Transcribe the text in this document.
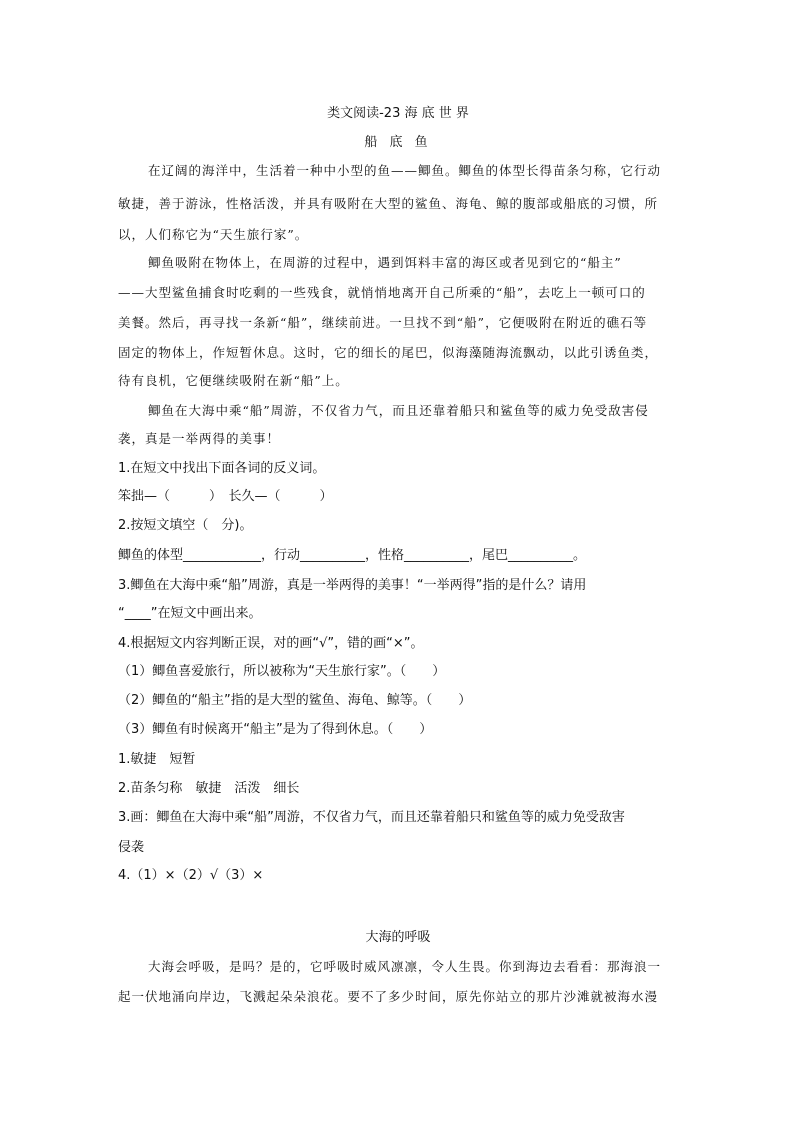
类文阅读-23 海 底 世 界
船 底 鱼
在辽阔的海洋中，生活着一种中小型的鱼——鲫鱼。鲫鱼的体型长得苗条匀称，它行动
敏捷，善于游泳，性格活泼，并具有吸附在大型的鲨鱼、海龟、鲸的腹部或船底的习惯，所
以，人们称它为“天生旅行家”。
鲫鱼吸附在物体上，在周游的过程中，遇到饵料丰富的海区或者见到它的“船主”
——大型鲨鱼捕食时吃剩的一些残食，就悄悄地离开自己所乘的“船”，去吃上一顿可口的
美餐。然后，再寻找一条新“船”，继续前进。一旦找不到“船”，它便吸附在附近的礁石等
固定的物体上，作短暂休息。这时，它的细长的尾巴，似海藻随海流飘动，以此引诱鱼类，
待有良机，它便继续吸附在新“船”上。
鲫鱼在大海中乘“船”周游，不仅省力气，而且还靠着船只和鲨鱼等的威力免受敌害侵
袭，真是一举两得的美事！
1.在短文中找出下面各词的反义词。
笨拙—（　　　）　长久—（　　　）
2.按短文填空（　分)。
鲫鱼的体型____________，行动__________，性格__________，尾巴__________。
3.鲫鱼在大海中乘“船”周游，真是一举两得的美事！“一举两得”指的是什么？请用
“____”在短文中画出来。
4.根据短文内容判断正误，对的画“√”，错的画“×”。
（1）鲫鱼喜爱旅行，所以被称为“天生旅行家”。（　　）
（2）鲫鱼的“船主”指的是大型的鲨鱼、海龟、鲸等。（　　）
（3）鲫鱼有时候离开“船主”是为了得到休息。（　　）
1.敏捷　短暂
2.苗条匀称　敏捷　活泼　细长
3.画：鲫鱼在大海中乘“船”周游，不仅省力气，而且还靠着船只和鲨鱼等的威力免受敌害
侵袭
4.（1）×（2）√（3）×
大海的呼吸
大海会呼吸，是吗？是的，它呼吸时威风凛凛，令人生畏。你到海边去看看：那海浪一
起一伏地涌向岸边，飞溅起朵朵浪花。要不了多少时间，原先你站立的那片沙滩就被海水漫
